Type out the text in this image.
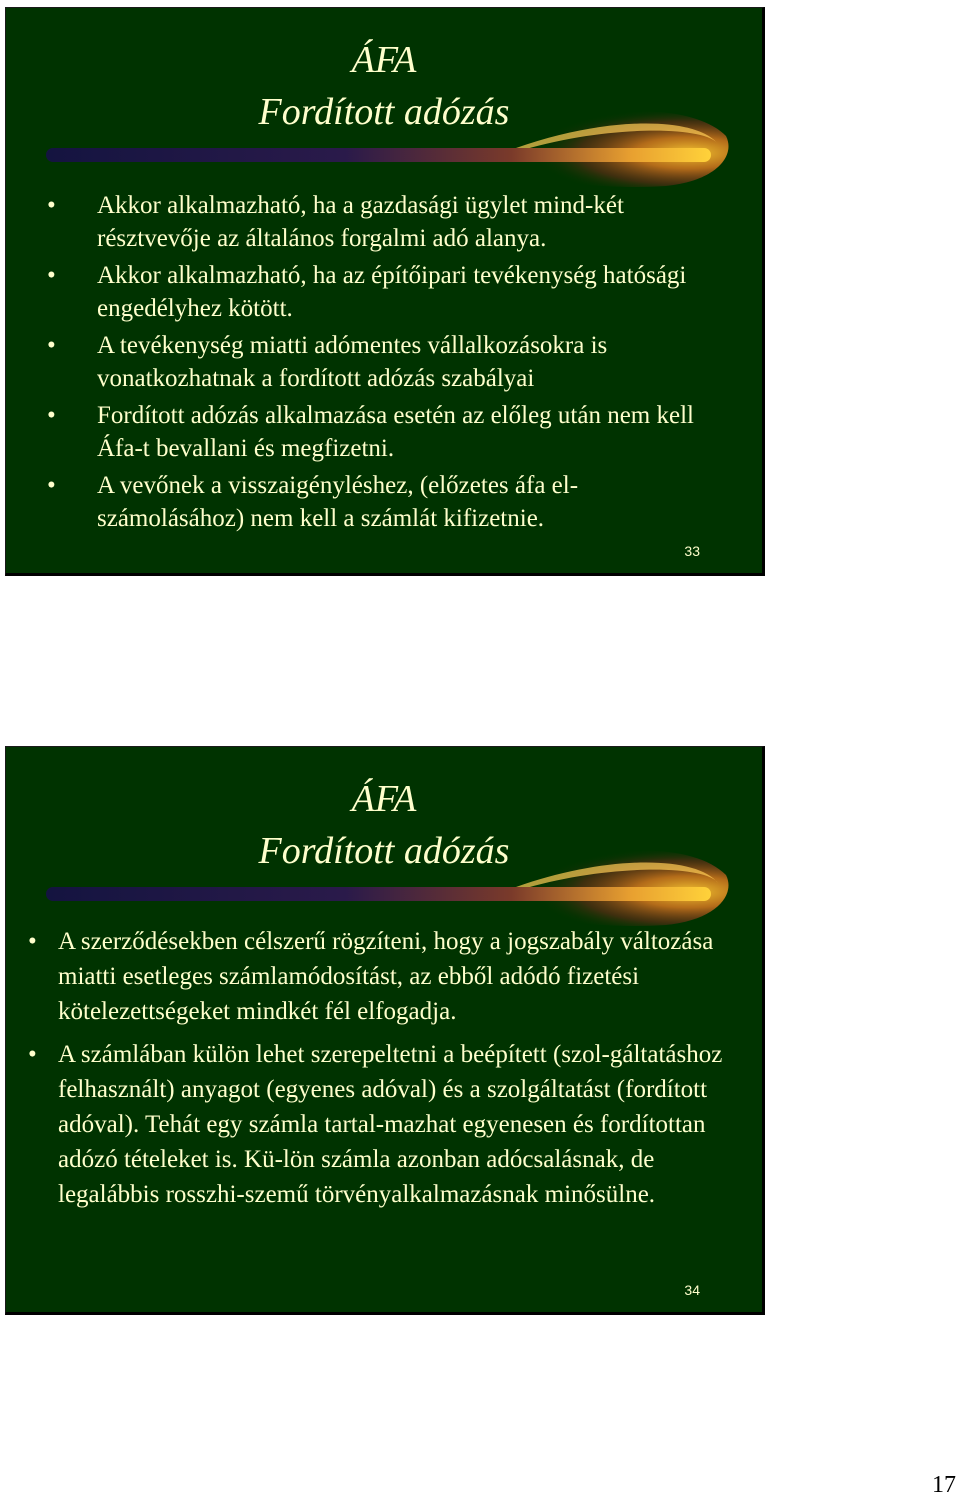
ÁFA
Fordított adózás
• Akkor alkalmazható, ha a gazdasági ügylet mind-két résztvevője az általános forgalmi adó alanya.
• Akkor alkalmazható, ha az építőipari tevékenység hatósági engedélyhez kötött.
• A tevékenység miatti adómentes vállalkozásokra is vonatkozhatnak a fordított adózás szabályai
• Fordított adózás alkalmazása esetén az előleg után nem kell Áfa-t bevallani és megfizetni.
• A vevőnek a visszaigényléshez, (előzetes áfa el-számolásához) nem kell a számlát kifizetnie.
33
ÁFA
Fordított adózás
• A szerződésekben célszerű rögzíteni, hogy a jogszabály változása miatti esetleges számlamódosítást, az ebből adódó fizetési kötelezettségeket mindkét fél elfogadja.
• A számlában külön lehet szerepeltetni a beépített (szol-gáltatáshoz felhasznált) anyagot (egyenes adóval) és a szolgáltatást (fordított adóval). Tehát egy számla tartal-mazhat egyenesen és fordítottan adózó tételeket is. Kü-lön számla azonban adócsalásnak, de legalábbis rosszhi-szemű törvényalkalmazásnak minősülne.
34
17
